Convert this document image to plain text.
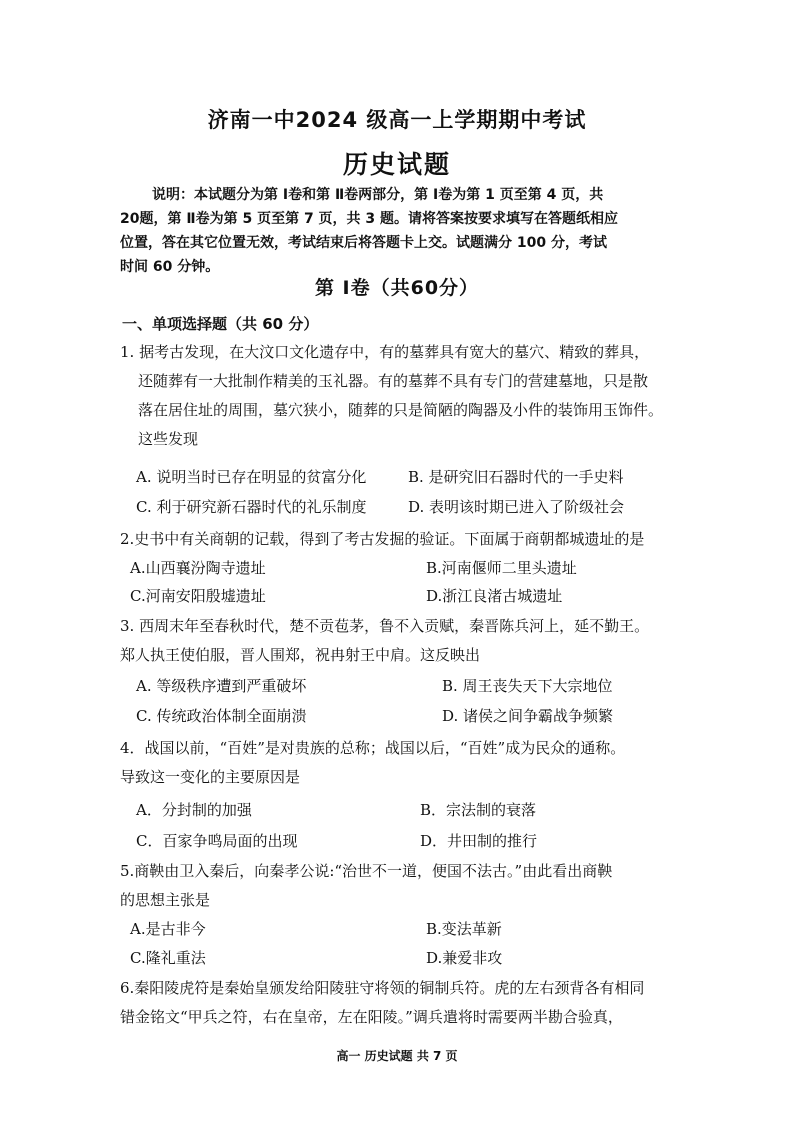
济南一中2024 级高一上学期期中考试
历史试题
说明：本试题分为第 Ⅰ卷和第 Ⅱ卷两部分，第 Ⅰ卷为第 1 页至第 4 页，共
20题，第 Ⅱ卷为第 5 页至第 7 页，共 3 题。请将答案按要求填写在答题纸相应
位置，答在其它位置无效，考试结束后将答题卡上交。试题满分 100 分，考试
时间 60 分钟。
第 Ⅰ卷（共60分）
一、单项选择题（共 60 分）
1. 据考古发现，在大汶口文化遗存中，有的墓葬具有宽大的墓穴、精致的葬具，
还随葬有一大批制作精美的玉礼器。有的墓葬不具有专门的营建墓地，只是散
落在居住址的周围，墓穴狭小，随葬的只是简陋的陶器及小件的装饰用玉饰件。
这些发现
A. 说明当时已存在明显的贫富分化	B. 是研究旧石器时代的一手史料
C. 利于研究新石器时代的礼乐制度	D. 表明该时期已进入了阶级社会
2.史书中有关商朝的记载，得到了考古发掘的验证。下面属于商朝都城遗址的是
A.山西襄汾陶寺遗址	B.河南偃师二里头遗址
C.河南安阳殷墟遗址	D.浙江良渚古城遗址
3. 西周末年至春秋时代，楚不贡苞茅，鲁不入贡赋，秦晋陈兵河上，延不勤王。
郑人执王使伯服，晋人围郑，祝冉射王中肩。这反映出
A. 等级秩序遭到严重破坏	B. 周王丧失天下大宗地位
C. 传统政治体制全面崩溃	D. 诸侯之间争霸战争频繁
4．战国以前，“百姓”是对贵族的总称；战国以后，“百姓”成为民众的通称。
导致这一变化的主要原因是
A．分封制的加强	B．宗法制的衰落
C．百家争鸣局面的出现	D．井田制的推行
5.商鞅由卫入秦后，向秦孝公说:“治世不一道，便国不法古。”由此看出商鞅
的思想主张是
A.是古非今	B.变法革新
C.隆礼重法	D.兼爱非攻
6.秦阳陵虎符是秦始皇颁发给阳陵驻守将领的铜制兵符。虎的左右颈背各有相同
错金铭文“甲兵之符，右在皇帝，左在阳陵。”调兵遣将时需要两半勘合验真，
高一 历史试题 共 7 页
